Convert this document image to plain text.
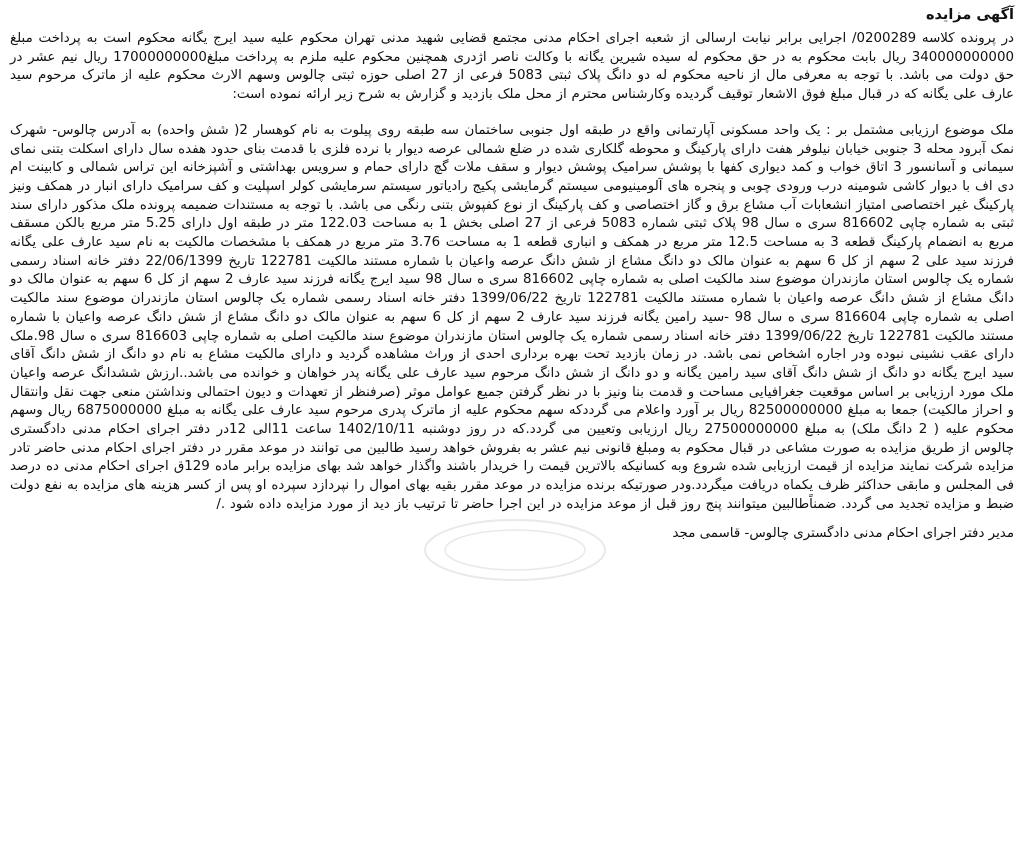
آگهی مزایده

در پرونده کلاسه 0200289/ اجرایی برابر نیابت ارسالی از شعبه اجرای احکام مدنی مجتمع قضایی شهید مدنی تهران محکوم علیه سید ایرج یگانه محکوم است به پرداخت مبلغ 340000000000 ریال بابت محکوم به در حق محکوم له سیده شیرین یگانه با وکالت ناصر اژدری همچنین محکوم علیه ملزم به پرداخت مبلغ17000000000 ریال نیم عشر در حق دولت می باشد. با توجه به معرفی مال از ناحیه محکوم له دو دانگ پلاک ثبتی 5083 فرعی از 27 اصلی حوزه ثبتی چالوس وسهم الارث محکوم علیه از ماترک مرحوم سید عارف علی یگانه که در قبال مبلغ فوق الاشعار توقیف گردیده وکارشناس محترم از محل ملک بازدید و گزارش به شرح زیر ارائه نموده است:

ملک موضوع ارزیابی مشتمل بر : یک واحد مسکونی آپارتمانی واقع در طبقه اول جنوبی ساختمان سه طبقه روی پیلوت به نام کوهسار 2( شش واحده) به آدرس چالوس- شهرک نمک آبرود محله 3 جنوبی خیابان نیلوفر هفت دارای پارکینگ و محوطه گلکاری شده در ضلع شمالی عرصه دیوار با نرده فلزی با قدمت بنای حدود هفده سال دارای اسکلت بتنی نمای سیمانی و آسانسور 3 اتاق خواب و کمد دیواری کفها با پوشش سرامیک پوشش دیوار و سقف ملات گچ دارای حمام و سرویس بهداشتی و آشپزخانه این تراس شمالی و کابینت ام دی اف با دیوار کاشی شومینه درب ورودی چوبی و پنجره های آلومینیومی سیستم گرمایشی پکیج رادیاتور سیستم سرمایشی کولر اسپلیت و کف سرامیک دارای انبار در همکف ونیز پارکینگ غیر اختصاصی امتیاز انشعابات آب مشاع برق و گاز اختصاصی و کف پارکینگ از نوع کفپوش بتنی رنگی می باشد. با توجه به مستندات ضمیمه پرونده ملک مذکور دارای سند ثبتی به شماره چاپی 816602 سری ه سال 98 پلاک ثبتی شماره 5083 فرعی از 27 اصلی بخش 1 به مساحت 122.03 متر در طبقه اول دارای 5.25 متر مربع بالکن مسقف مربع به انضمام پارکینگ قطعه 3 به مساحت 12.5 متر مربع در همکف و انباری قطعه 1 به مساحت 3.76 متر مربع در همکف با مشخصات مالکیت به نام سید عارف علی یگانه فرزند سید علی 2 سهم از کل 6 سهم به عنوان مالک دو دانگ مشاع از شش دانگ عرصه واعیان با شماره مستند مالکیت 122781 تاریخ 22/06/1399 دفتر خانه اسناد رسمی شماره یک چالوس استان مازندران موضوع سند مالکیت اصلی به شماره چاپی 816602 سری ه سال 98 سید ایرج یگانه فرزند سید عارف 2 سهم از کل 6 سهم به عنوان مالک دو دانگ مشاع از شش دانگ عرصه واعیان با شماره مستند مالکیت 122781 تاریخ 1399/06/22 دفتر خانه اسناد رسمی شماره یک چالوس استان مازندران موضوع سند مالکیت اصلی به شماره چاپی 816604 سری ه سال 98 -سید رامین یگانه فرزند سید عارف 2 سهم از کل 6 سهم به عنوان مالک دو دانگ مشاع از شش دانگ عرصه واعیان با شماره مستند مالکیت 122781 تاریخ 1399/06/22 دفتر خانه اسناد رسمی شماره یک چالوس استان مازندران موضوع سند مالکیت اصلی به شماره چاپی 816603 سری ه سال 98.ملک دارای عقب نشینی نبوده ودر اجاره اشخاص نمی باشد. در زمان بازدید تحت بهره برداری احدی از وراث مشاهده گردید و دارای مالکیت مشاع به نام دو دانگ از شش دانگ آقای سید ایرج یگانه دو دانگ از شش دانگ آقای سید رامین یگانه و دو دانگ از شش دانگ مرحوم سید عارف علی یگانه پدر خواهان و خوانده می باشد..ارزش ششدانگ عرصه واعیان ملک مورد ارزیابی بر اساس موقعیت جغرافیایی مساحت و قدمت بنا ونیز با در نظر گرفتن جمیع عوامل موثر (صرفنظر از تعهدات و دیون احتمالی ونداشتن منعی جهت نقل وانتقال و احراز مالکیت) جمعا به مبلغ 82500000000 ریال بر آورد واعلام می گرددکه سهم محکوم علیه از ماترک پدری مرحوم سید عارف علی یگانه به مبلغ 6875000000 ریال وسهم محکوم علیه ( 2 دانگ ملک) به مبلغ 27500000000 ریال ارزیابی وتعیین می گردد.که در روز دوشنبه 1402/10/11 ساعت 11الی 12در دفتر اجرای احکام مدنی دادگستری چالوس از طریق مزایده به صورت مشاعی در قبال محکوم به ومبلغ قانونی نیم عشر به بفروش خواهد رسید طالبین می توانند در موعد مقرر در دفتر اجرای احکام مدنی حاضر تادر مزایده شرکت نمایند مزایده از قیمت ارزیابی شده شروع وبه کسانیکه بالاترین قیمت را خریدار باشند واگذار خواهد شد بهای مزایده برابر ماده 129ق اجرای احکام مدنی ده درصد فی المجلس و مابقی حداکثر ظرف یکماه دریافت میگردد.ودر صورتیکه برنده مزایده در موعد مقرر بقیه بهای اموال را نپردازد سپرده او پس از کسر هزینه های مزایده به نفع دولت ضبط و مزایده تجدید می گردد. ضمناًطالبین میتوانند پنج روز قبل از موعد مزایده در این اجرا حاضر تا ترتیب باز دید از مورد مزایده داده شود ./

مدیر دفتر اجرای احکام مدنی دادگستری چالوس- قاسمی مجد
